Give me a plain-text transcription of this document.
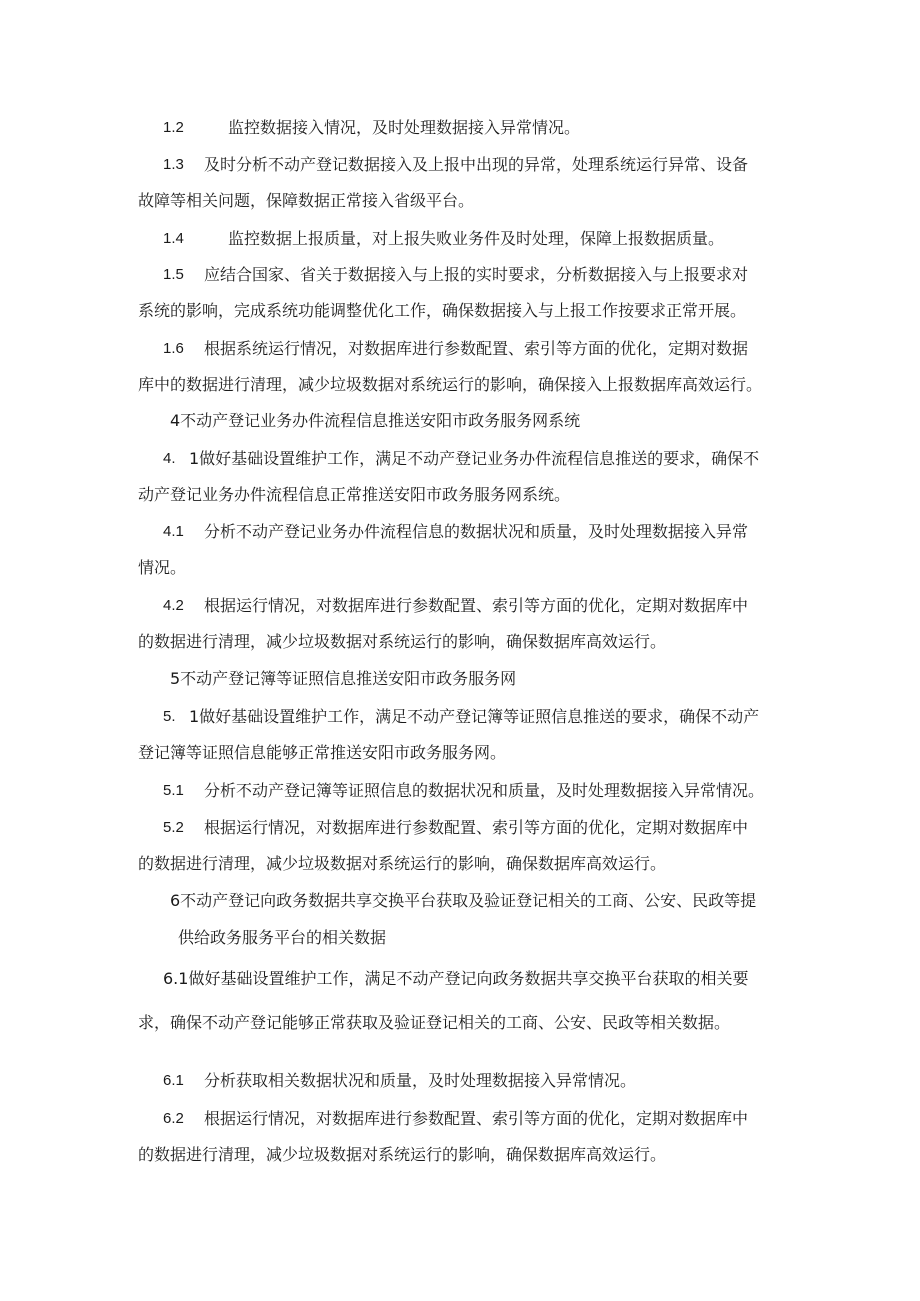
1.2	监控数据接入情况，及时处理数据接入异常情况。
1.3 及时分析不动产登记数据接入及上报中出现的异常，处理系统运行异常、设备
故障等相关问题，保障数据正常接入省级平台。
1.4	监控数据上报质量，对上报失败业务件及时处理，保障上报数据质量。
1.5 应结合国家、省关于数据接入与上报的实时要求，分析数据接入与上报要求对
系统的影响，完成系统功能调整优化工作，确保数据接入与上报工作按要求正常开展。
1.6 根据系统运行情况，对数据库进行参数配置、索引等方面的优化，定期对数据
库中的数据进行清理，减少垃圾数据对系统运行的影响，确保接入上报数据库高效运行。
4不动产登记业务办件流程信息推送安阳市政务服务网系统
4. 1做好基础设置维护工作，满足不动产登记业务办件流程信息推送的要求，确保不
动产登记业务办件流程信息正常推送安阳市政务服务网系统。
4.1 分析不动产登记业务办件流程信息的数据状况和质量，及时处理数据接入异常
情况。
4.2 根据运行情况，对数据库进行参数配置、索引等方面的优化，定期对数据库中
的数据进行清理，减少垃圾数据对系统运行的影响，确保数据库高效运行。
5不动产登记簿等证照信息推送安阳市政务服务网
5. 1做好基础设置维护工作，满足不动产登记簿等证照信息推送的要求，确保不动产
登记簿等证照信息能够正常推送安阳市政务服务网。
5.1 分析不动产登记簿等证照信息的数据状况和质量，及时处理数据接入异常情况。
5.2 根据运行情况，对数据库进行参数配置、索引等方面的优化，定期对数据库中
的数据进行清理，减少垃圾数据对系统运行的影响，确保数据库高效运行。
6不动产登记向政务数据共享交换平台获取及验证登记相关的工商、公安、民政等提
供给政务服务平台的相关数据
6.1做好基础设置维护工作，满足不动产登记向政务数据共享交换平台获取的相关要
求，确保不动产登记能够正常获取及验证登记相关的工商、公安、民政等相关数据。
6.1 分析获取相关数据状况和质量，及时处理数据接入异常情况。
6.2 根据运行情况，对数据库进行参数配置、索引等方面的优化，定期对数据库中
的数据进行清理，减少垃圾数据对系统运行的影响，确保数据库高效运行。
